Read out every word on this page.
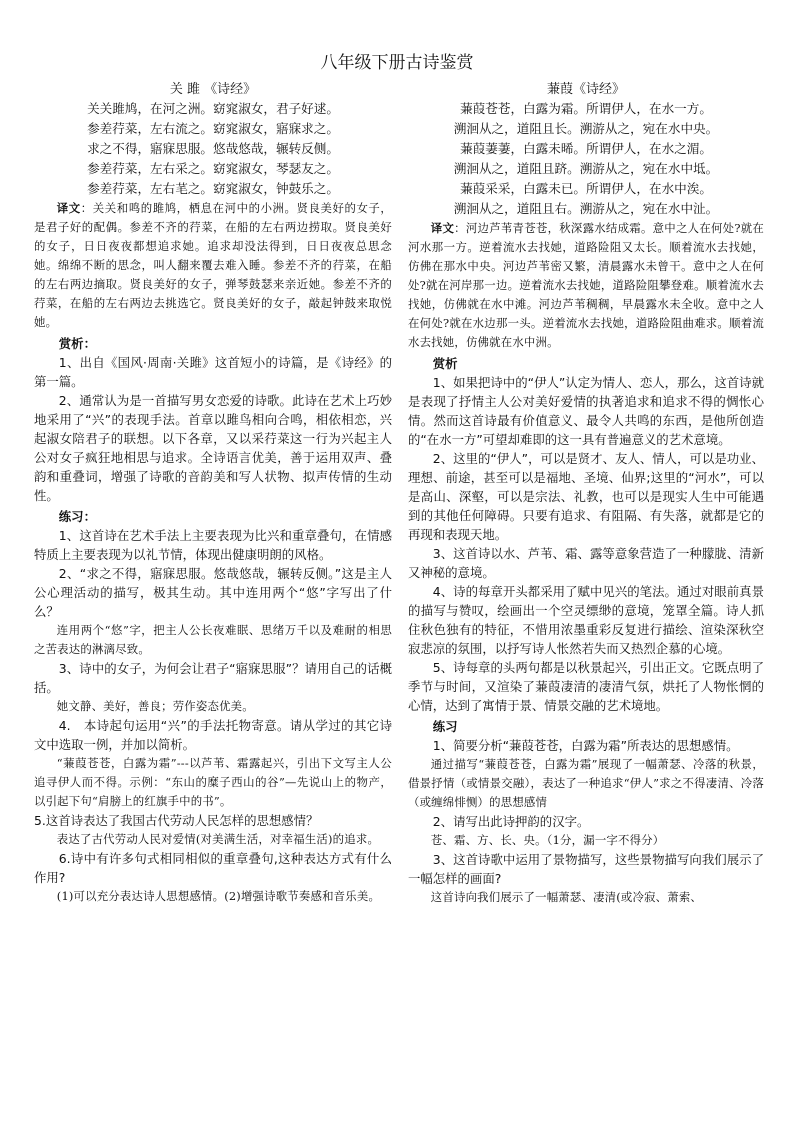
八年级下册古诗鉴赏

关 雎 《诗经》

关关雎鸠，在河之洲。窈窕淑女，君子好逑。

参差荇菜，左右流之。窈窕淑女，寤寐求之。

求之不得，寤寐思服。悠哉悠哉，辗转反侧。

参差荇菜，左右采之。窈窕淑女，琴瑟友之。

参差荇菜，左右芼之。窈窕淑女，钟鼓乐之。

译文：关关和鸣的雎鸠，栖息在河中的小洲。贤良美好的女子，是君子好的配偶。参差不齐的荇菜，在船的左右两边捞取。贤良美好的女子，日日夜夜都想追求她。追求却没法得到，日日夜夜总思念她。绵绵不断的思念，叫人翻来覆去难入睡。参差不齐的荇菜，在船的左右两边摘取。贤良美好的女子，弹琴鼓瑟来亲近她。参差不齐的荇菜，在船的左右两边去挑选它。贤良美好的女子，敲起钟鼓来取悦她。

赏析：

1、出自《国风·周南·关雎》这首短小的诗篇，是《诗经》的第一篇。

2、通常认为是一首描写男女恋爱的诗歌。此诗在艺术上巧妙地采用了“兴”的表现手法。首章以雎鸟相向合鸣，相依相恋，兴起淑女陪君子的联想。以下各章，又以采荇菜这一行为兴起主人公对女子疯狂地相思与追求。全诗语言优美，善于运用双声、叠韵和重叠词，增强了诗歌的音韵美和写人状物、拟声传情的生动性。

练习：

1、这首诗在艺术手法上主要表现为比兴和重章叠句，在情感特质上主要表现为以礼节情，体现出健康明朗的风格。

2、“求之不得，寤寐思服。悠哉悠哉，辗转反侧。”这是主人公心理活动的描写，极其生动。其中连用两个“悠”字写出了什么？

连用两个“悠”字，把主人公长夜难眠、思绪万千以及难耐的相思之苦表达的淋漓尽致。

3、诗中的女子，为何会让君子“寤寐思服”？请用自己的话概括。

她文静、美好，善良；劳作姿态优美。

4.　本诗起句运用“兴”的手法托物寄意。请从学过的其它诗文中选取一例，并加以简析。

“蒹葭苍苍，白露为霜”---以芦苇、霜露起兴，引出下文写主人公追寻伊人而不得。示例：“东山的糜子西山的谷”—先说山上的物产，以引起下句“肩膀上的红旗手中的书”。

5.这首诗表达了我国古代劳动人民怎样的思想感情？

表达了古代劳动人民对爱情(对美满生活，对幸福生活)的追求。

6.诗中有许多句式相同相似的重章叠句,这种表达方式有什么作用?

(1)可以充分表达诗人思想感情。(2)增强诗歌节奏感和音乐美。

蒹葭《诗经》

蒹葭苍苍，白露为霜。所谓伊人，在水一方。

溯洄从之，道阻且长。溯游从之，宛在水中央。

蒹葭萋萋，白露未晞。所谓伊人，在水之湄。

溯洄从之，道阻且跻。溯游从之，宛在水中坻。

蒹葭采采，白露未已。所谓伊人，在水中涘。

溯洄从之，道阻且右。溯游从之，宛在水中沚。

译文：河边芦苇青苍苍，秋深露水结成霜。意中之人在何处?就在河水那一方。逆着流水去找她，道路险阻又太长。顺着流水去找她，仿佛在那水中央。河边芦苇密又繁，清晨露水未曾干。意中之人在何处?就在河岸那一边。逆着流水去找她，道路险阻攀登难。顺着流水去找她，仿佛就在水中滩。河边芦苇稠稠，早晨露水未全收。意中之人在何处?就在水边那一头。逆着流水去找她，道路险阻曲难求。顺着流水去找她，仿佛就在水中洲。

赏析

1、如果把诗中的“伊人”认定为情人、恋人，那么，这首诗就是表现了抒情主人公对美好爱情的执著追求和追求不得的惆怅心情。然而这首诗最有价值意义、最令人共鸣的东西，是他所创造的“在水一方”可望却难即的这一具有普遍意义的艺术意境。

2、这里的“伊人”，可以是贤才、友人、情人，可以是功业、理想、前途，甚至可以是福地、圣境、仙界;这里的“河水”，可以是高山、深壑，可以是宗法、礼教，也可以是现实人生中可能遇到的其他任何障碍。只要有追求、有阻隔、有失落，就都是它的再现和表现天地。

3、这首诗以水、芦苇、霜、露等意象营造了一种朦胧、清新又神秘的意境。

4、诗的每章开头都采用了赋中见兴的笔法。通过对眼前真景的描写与赞叹，绘画出一个空灵缥缈的意境，笼罩全篇。诗人抓住秋色独有的特征，不惜用浓墨重彩反复进行描绘、渲染深秋空寂悲凉的氛围，以抒写诗人怅然若失而又热烈企慕的心境。

5、诗每章的头两句都是以秋景起兴，引出正文。它既点明了季节与时间，又渲染了蒹葭凄清的凄清气氛，烘托了人物怅惘的心情，达到了寓情于景、情景交融的艺术境地。

练习

1、简要分析“蒹葭苍苍，白露为霜”所表达的思想感情。

通过描写“蒹葭苍苍，白露为霜”展现了一幅萧瑟、冷落的秋景，借景抒情（或情景交融），表达了一种追求“伊人”求之不得凄清、冷落（或缠绵悱恻）的思想感情

2、请写出此诗押韵的汉字。

苍、霜、方、长、央。（1分，漏一字不得分）

3、这首诗歌中运用了景物描写，这些景物描写向我们展示了一幅怎样的画面?

这首诗向我们展示了一幅萧瑟、凄清(或冷寂、萧索、
